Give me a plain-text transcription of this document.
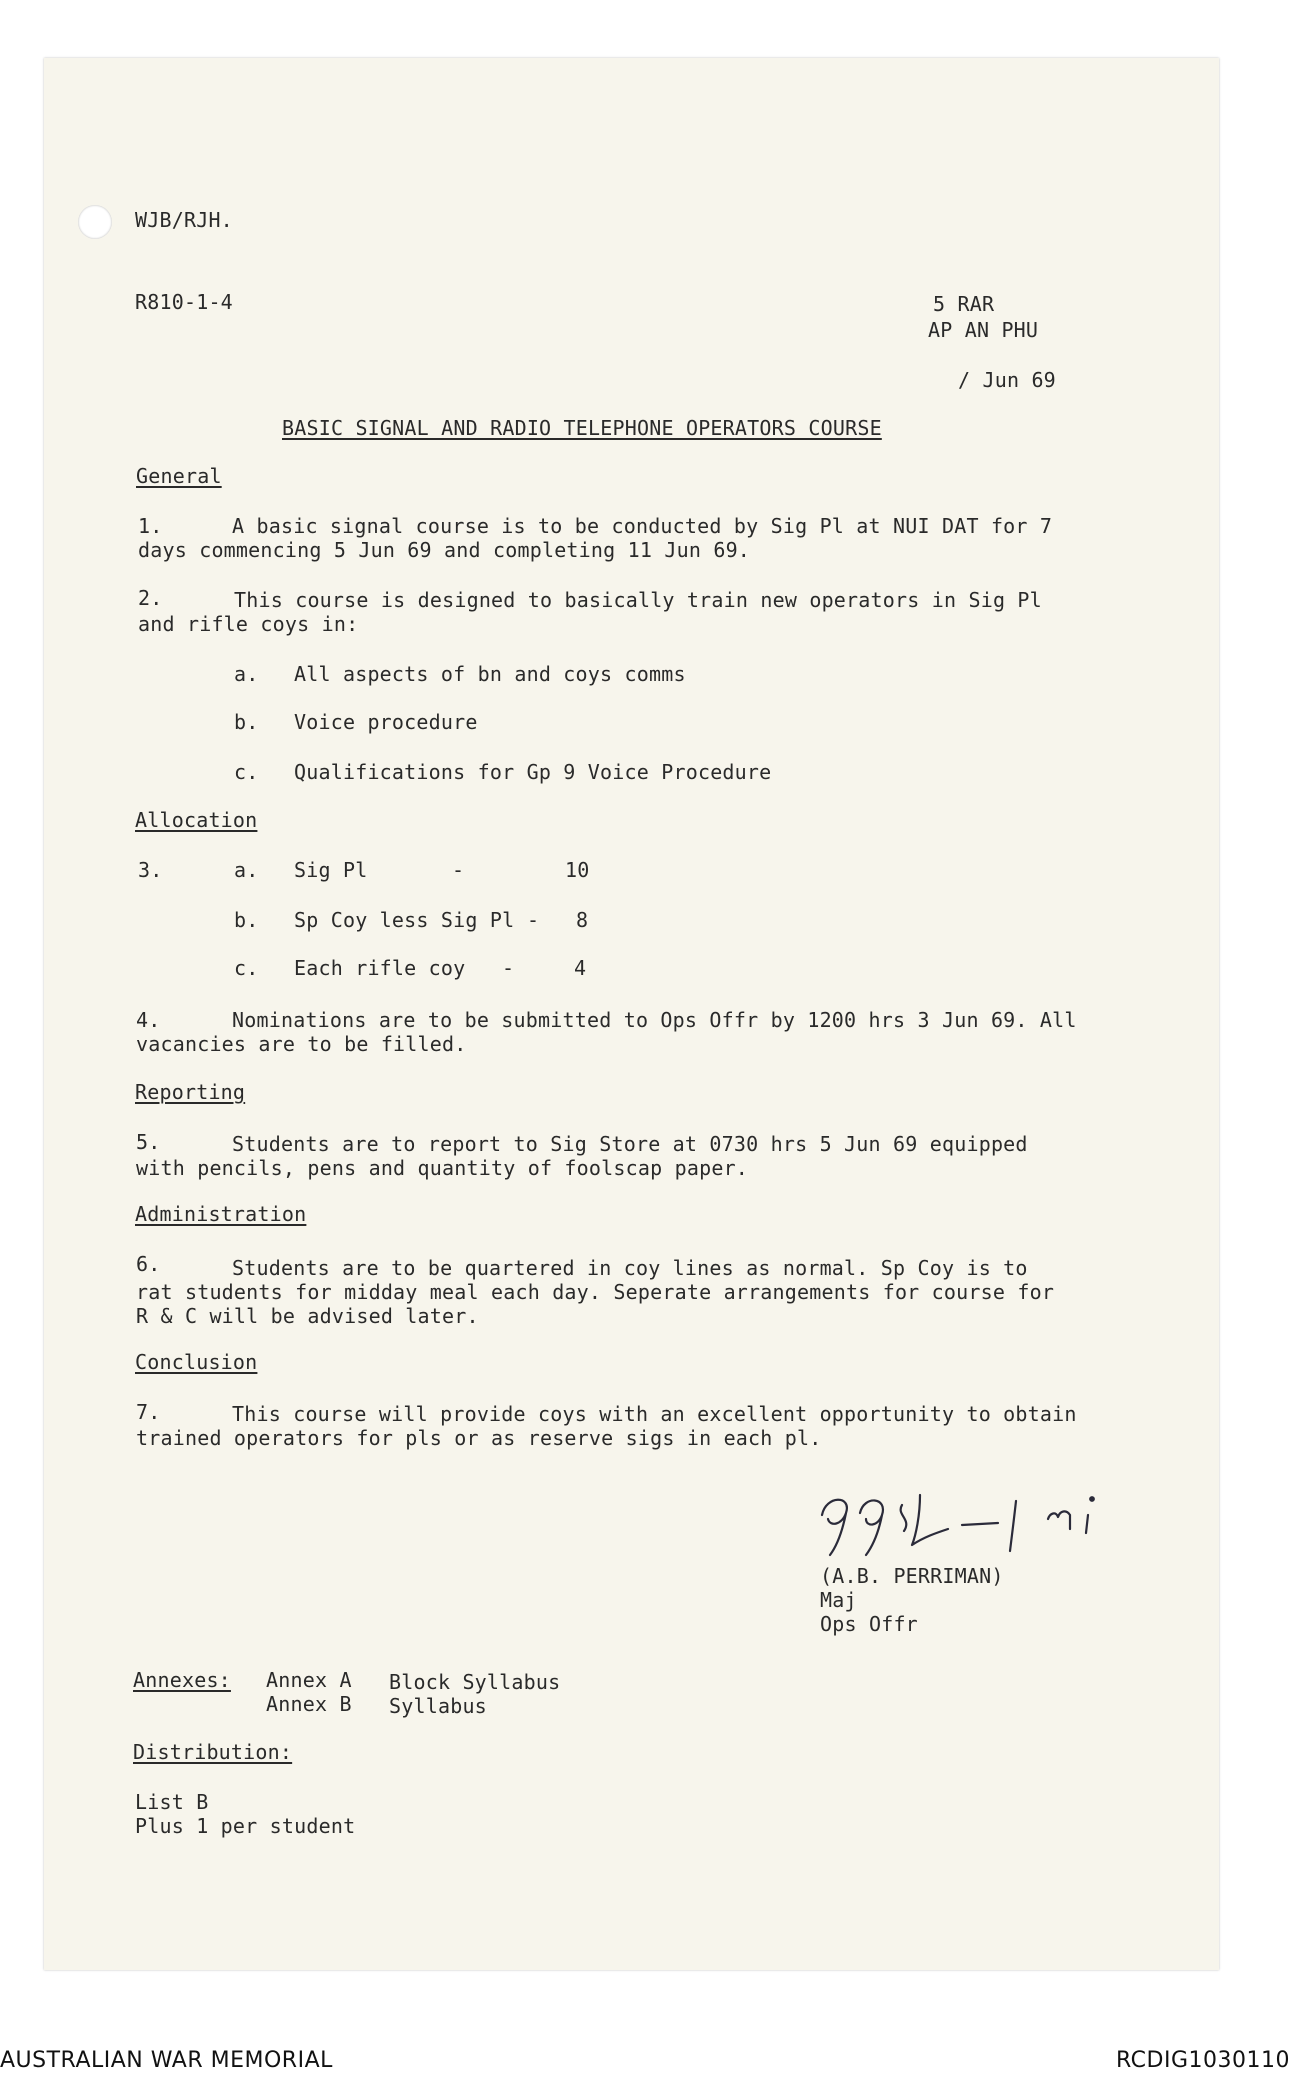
WJB/RJH.
R810-1-4	5 RAR
AP AN PHU
/ Jun 69
BASIC SIGNAL AND RADIO TELEPHONE OPERATORS COURSE
General
1.	A basic signal course is to be conducted by Sig Pl at NUI DAT for 7
days commencing 5 Jun 69 and completing 11 Jun 69.
2.	This course is designed to basically train new operators in Sig Pl
and rifle coys in:
a. All aspects of bn and coys comms
b. Voice procedure
c. Qualifications for Gp 9 Voice Procedure
Allocation
3.	a. Sig Pl	-	10
b. Sp Coy less Sig Pl - 8
c. Each rifle coy -	4
4.	Nominations are to be submitted to Ops Offr by 1200 hrs 3 Jun 69. All
vacancies are to be filled.
Reporting
5.	Students are to report to Sig Store at 0730 hrs 5 Jun 69 equipped
with pencils, pens and quantity of foolscap paper.
Administration
6.	Students are to be quartered in coy lines as normal. Sp Coy is to
rat students for midday meal each day. Seperate arrangements for course for
R & C will be advised later.
Conclusion
7.	This course will provide coys with an excellent opportunity to obtain
trained operators for pls or as reserve sigs in each pl.
(A.B. PERRIMAN)
Maj
Ops Offr
Annexes: Annex A Block Syllabus
Annex B Syllabus
Distribution:
List B
Plus 1 per student
AUSTRALIAN WAR MEMORIAL	RCDIG1030110
